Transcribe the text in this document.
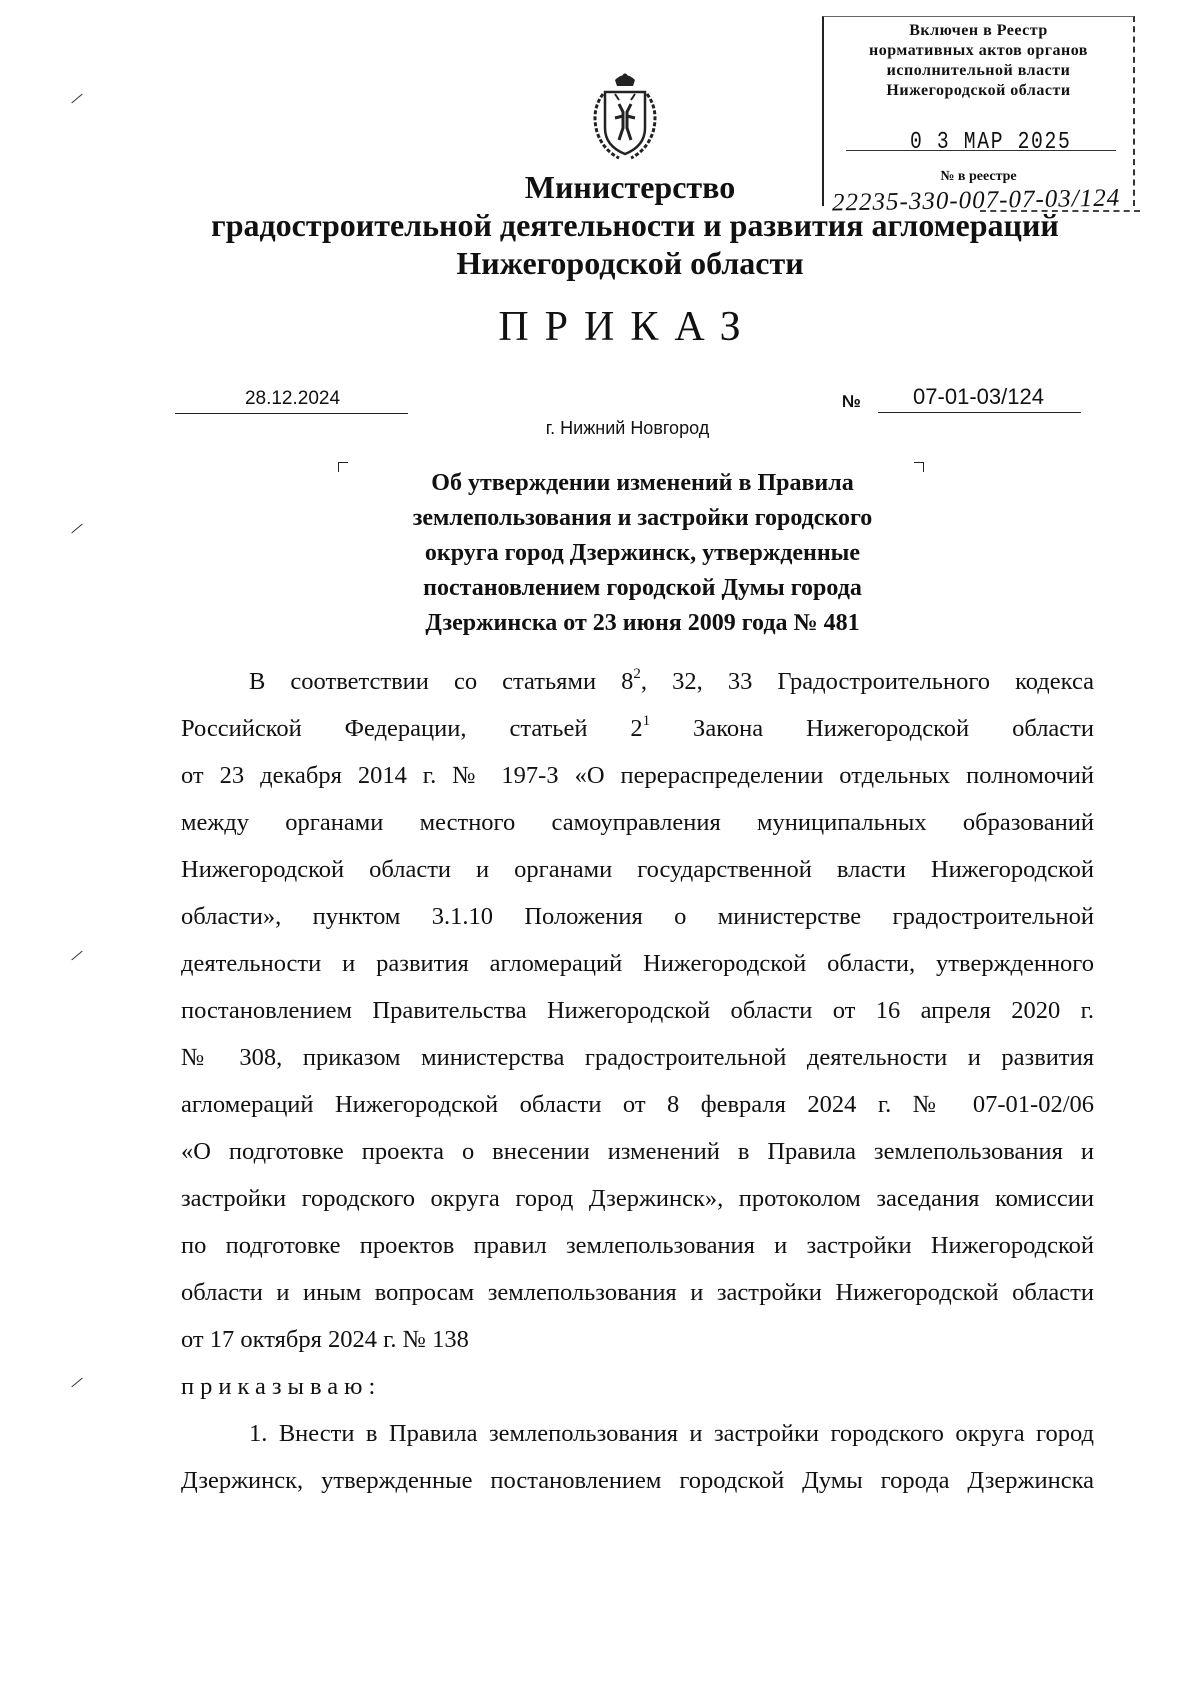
Включен в Реестр
нормативных актов органов
исполнительной власти
Нижегородской области
0 3 МАР 2025
№ в реестре
22235-330-007-07-03/124
Министерство
градостроительной деятельности и развития агломераций
Нижегородской области
ПРИКАЗ
28.12.2024	№	07-01-03/124
г. Нижний Новгород
Об утверждении изменений в Правила
землепользования и застройки городского
округа город Дзержинск, утвержденные
постановлением городской Думы города
Дзержинска от 23 июня 2009 года № 481
В соответствии со статьями $8^2$, 32, 33 Градостроительного кодекса
Российской Федерации, статьей $2^1$ Закона Нижегородской области
от 23 декабря 2014 г. № 197-З «О перераспределении отдельных полномочий
между органами местного самоуправления муниципальных образований
Нижегородской области и органами государственной власти Нижегородской
области», пунктом 3.1.10 Положения о министерстве градостроительной
деятельности и развития агломераций Нижегородской области, утвержденного
постановлением Правительства Нижегородской области от 16 апреля 2020 г.
№ 308, приказом министерства градостроительной деятельности и развития
агломераций Нижегородской области от 8 февраля 2024 г. № 07-01-02/06
«О подготовке проекта о внесении изменений в Правила землепользования и
застройки городского округа город Дзержинск», протоколом заседания комиссии
по подготовке проектов правил землепользования и застройки Нижегородской
области и иным вопросам землепользования и застройки Нижегородской области
от 17 октября 2024 г. № 138
приказываю:
1. Внести в Правила землепользования и застройки городского округа город
Дзержинск, утвержденные постановлением городской Думы города Дзержинска
